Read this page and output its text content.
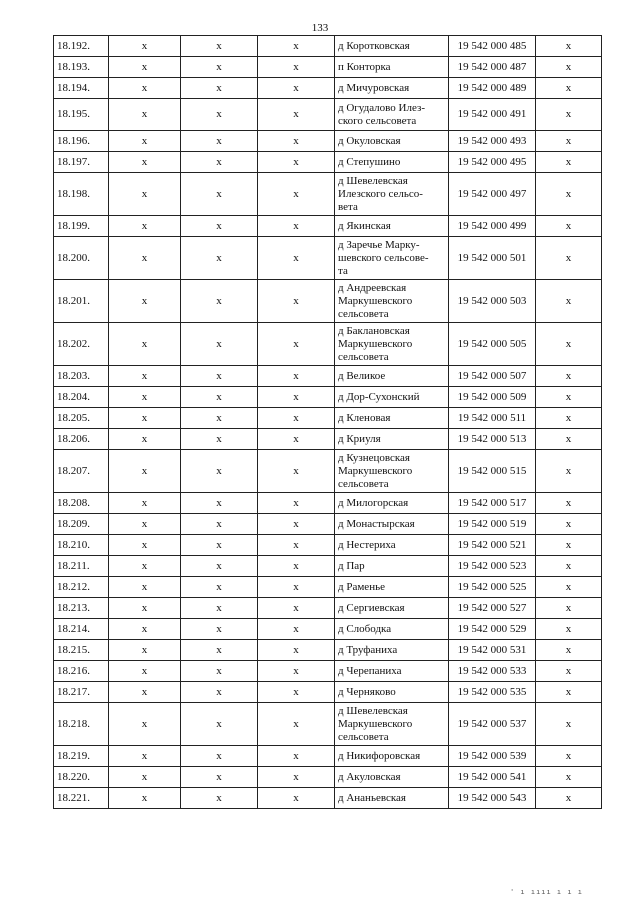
133
18.192.	x	x	x	д Коротковская	19 542 000 485	x
18.193.	x	x	x	п Конторка	19 542 000 487	x
18.194.	x	x	x	д Мичуровская	19 542 000 489	x
18.195.	x	x	x	д Огудалово Илез-
ского сельсовета	19 542 000 491	x
18.196.	x	x	x	д Окуловская	19 542 000 493	x
18.197.	x	x	x	д Степушино	19 542 000 495	x
18.198.	x	x	x	д Шевелевская
Илезского сельсо-
вета	19 542 000 497	x
18.199.	x	x	x	д Якинская	19 542 000 499	x
18.200.	x	x	x	д Заречье Марку-
шевского сельсове-
та	19 542 000 501	x
18.201.	x	x	x	д Андреевская
Маркушевского
сельсовета	19 542 000 503	x
18.202.	x	x	x	д Баклановская
Маркушевского
сельсовета	19 542 000 505	x
18.203.	x	x	x	д Великое	19 542 000 507	x
18.204.	x	x	x	д Дор-Сухонский	19 542 000 509	x
18.205.	x	x	x	д Кленовая	19 542 000 511	x
18.206.	x	x	x	д Криуля	19 542 000 513	x
18.207.	x	x	x	д Кузнецовская
Маркушевского
сельсовета	19 542 000 515	x
18.208.	x	x	x	д Милогорская	19 542 000 517	x
18.209.	x	x	x	д Монастырская	19 542 000 519	x
18.210.	x	x	x	д Нестериха	19 542 000 521	x
18.211.	x	x	x	д Пар	19 542 000 523	x
18.212.	x	x	x	д Раменье	19 542 000 525	x
18.213.	x	x	x	д Сергиевская	19 542 000 527	x
18.214.	x	x	x	д Слободка	19 542 000 529	x
18.215.	x	x	x	д Труфаниха	19 542 000 531	x
18.216.	x	x	x	д Черепаниха	19 542 000 533	x
18.217.	x	x	x	д Черняково	19 542 000 535	x
18.218.	x	x	x	д Шевелевская
Маркушевского
сельсовета	19 542 000 537	x
18.219.	x	x	x	д Никифоровская	19 542 000 539	x
18.220.	x	x	x	д Акуловская	19 542 000 541	x
18.221.	x	x	x	д Ананьевская	19 542 000 543	x
' ı ıııı ı ı ı
